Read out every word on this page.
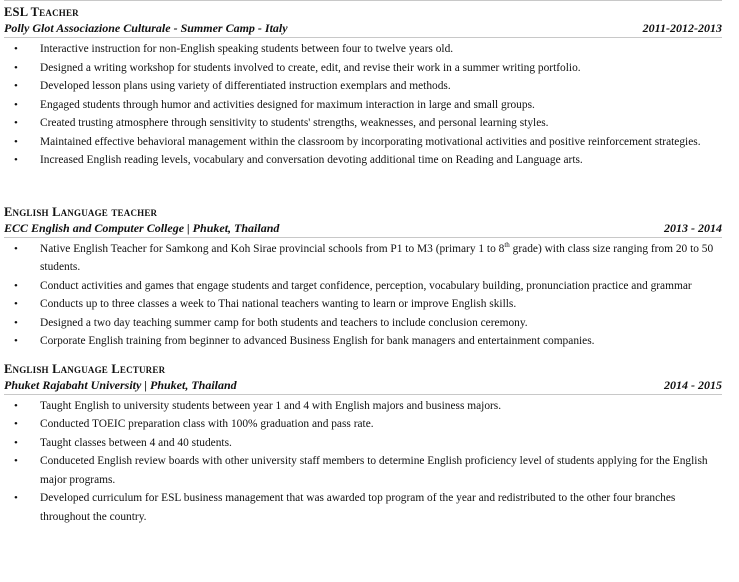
ESL Teacher
Polly Glot Associazione Culturale - Summer Camp - Italy	2011-2012-2013
• Interactive instruction for non-English speaking students between four to twelve years old.
• Designed a writing workshop for students involved to create, edit, and revise their work in a summer writing portfolio.
• Developed lesson plans using variety of differentiated instruction exemplars and methods.
• Engaged students through humor and activities designed for maximum interaction in large and small groups.
• Created trusting atmosphere through sensitivity to students' strengths, weaknesses, and personal learning styles.
• Maintained effective behavioral management within the classroom by incorporating motivational activities and positive reinforcement strategies.
• Increased English reading levels, vocabulary and conversation devoting additional time on Reading and Language arts.
English Language teacher
ECC English and Computer College | Phuket, Thailand	2013 - 2014
• Native English Teacher for Samkong and Koh Sirae provincial schools from P1 to M3 (primary 1 to 8th grade) with class size ranging from 20 to 50 students.
• Conduct activities and games that engage students and target confidence, perception, vocabulary building, pronunciation practice and grammar
• Conducts up to three classes a week to Thai national teachers wanting to learn or improve English skills.
• Designed a two day teaching summer camp for both students and teachers to include conclusion ceremony.
• Corporate English training from beginner to advanced Business English for bank managers and entertainment companies.
English Language Lecturer
Phuket Rajabaht University | Phuket, Thailand	2014 - 2015
• Taught English to university students between year 1 and 4 with English majors and business majors.
• Conducted TOEIC preparation class with 100% graduation and pass rate.
• Taught classes between 4 and 40 students.
• Conduceted English review boards with other university staff members to determine English proficiency level of students applying for the English major programs.
• Developed curriculum for ESL business management that was awarded top program of the year and redistributed to the other four branches throughout the country.
